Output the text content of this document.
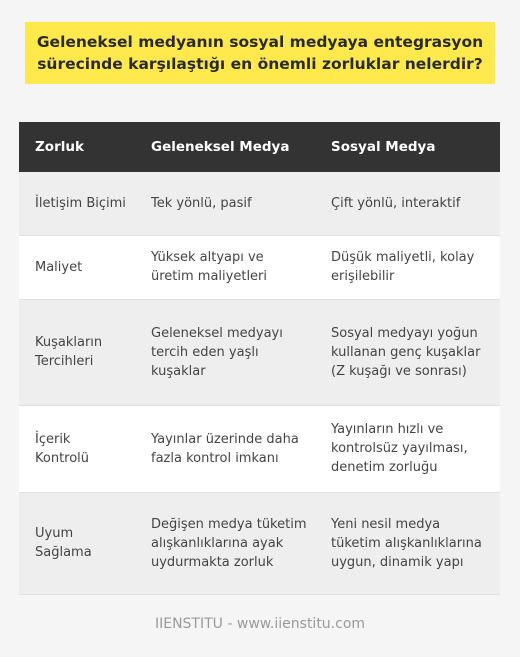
Geleneksel medyanın sosyal medyaya entegrasyon sürecinde karşılaştığı en önemli zorluklar nelerdir?
Zorluk	Geleneksel Medya	Sosyal Medya
İletişim Biçimi	Tek yönlü, pasif	Çift yönlü, interaktif
Maliyet	Yüksek altyapı ve üretim maliyetleri	Düşük maliyetli, kolay erişilebilir
Kuşakların Tercihleri	Geleneksel medyayı tercih eden yaşlı kuşaklar	Sosyal medyayı yoğun kullanan genç kuşaklar (Z kuşağı ve sonrası)
İçerik Kontrolü	Yayınlar üzerinde daha fazla kontrol imkanı	Yayınların hızlı ve kontrolsüz yayılması, denetim zorluğu
Uyum Sağlama	Değişen medya tüketim alışkanlıklarına ayak uydurmakta zorluk	Yeni nesil medya tüketim alışkanlıklarına uygun, dinamik yapı
IIENSTITU - www.iienstitu.com
